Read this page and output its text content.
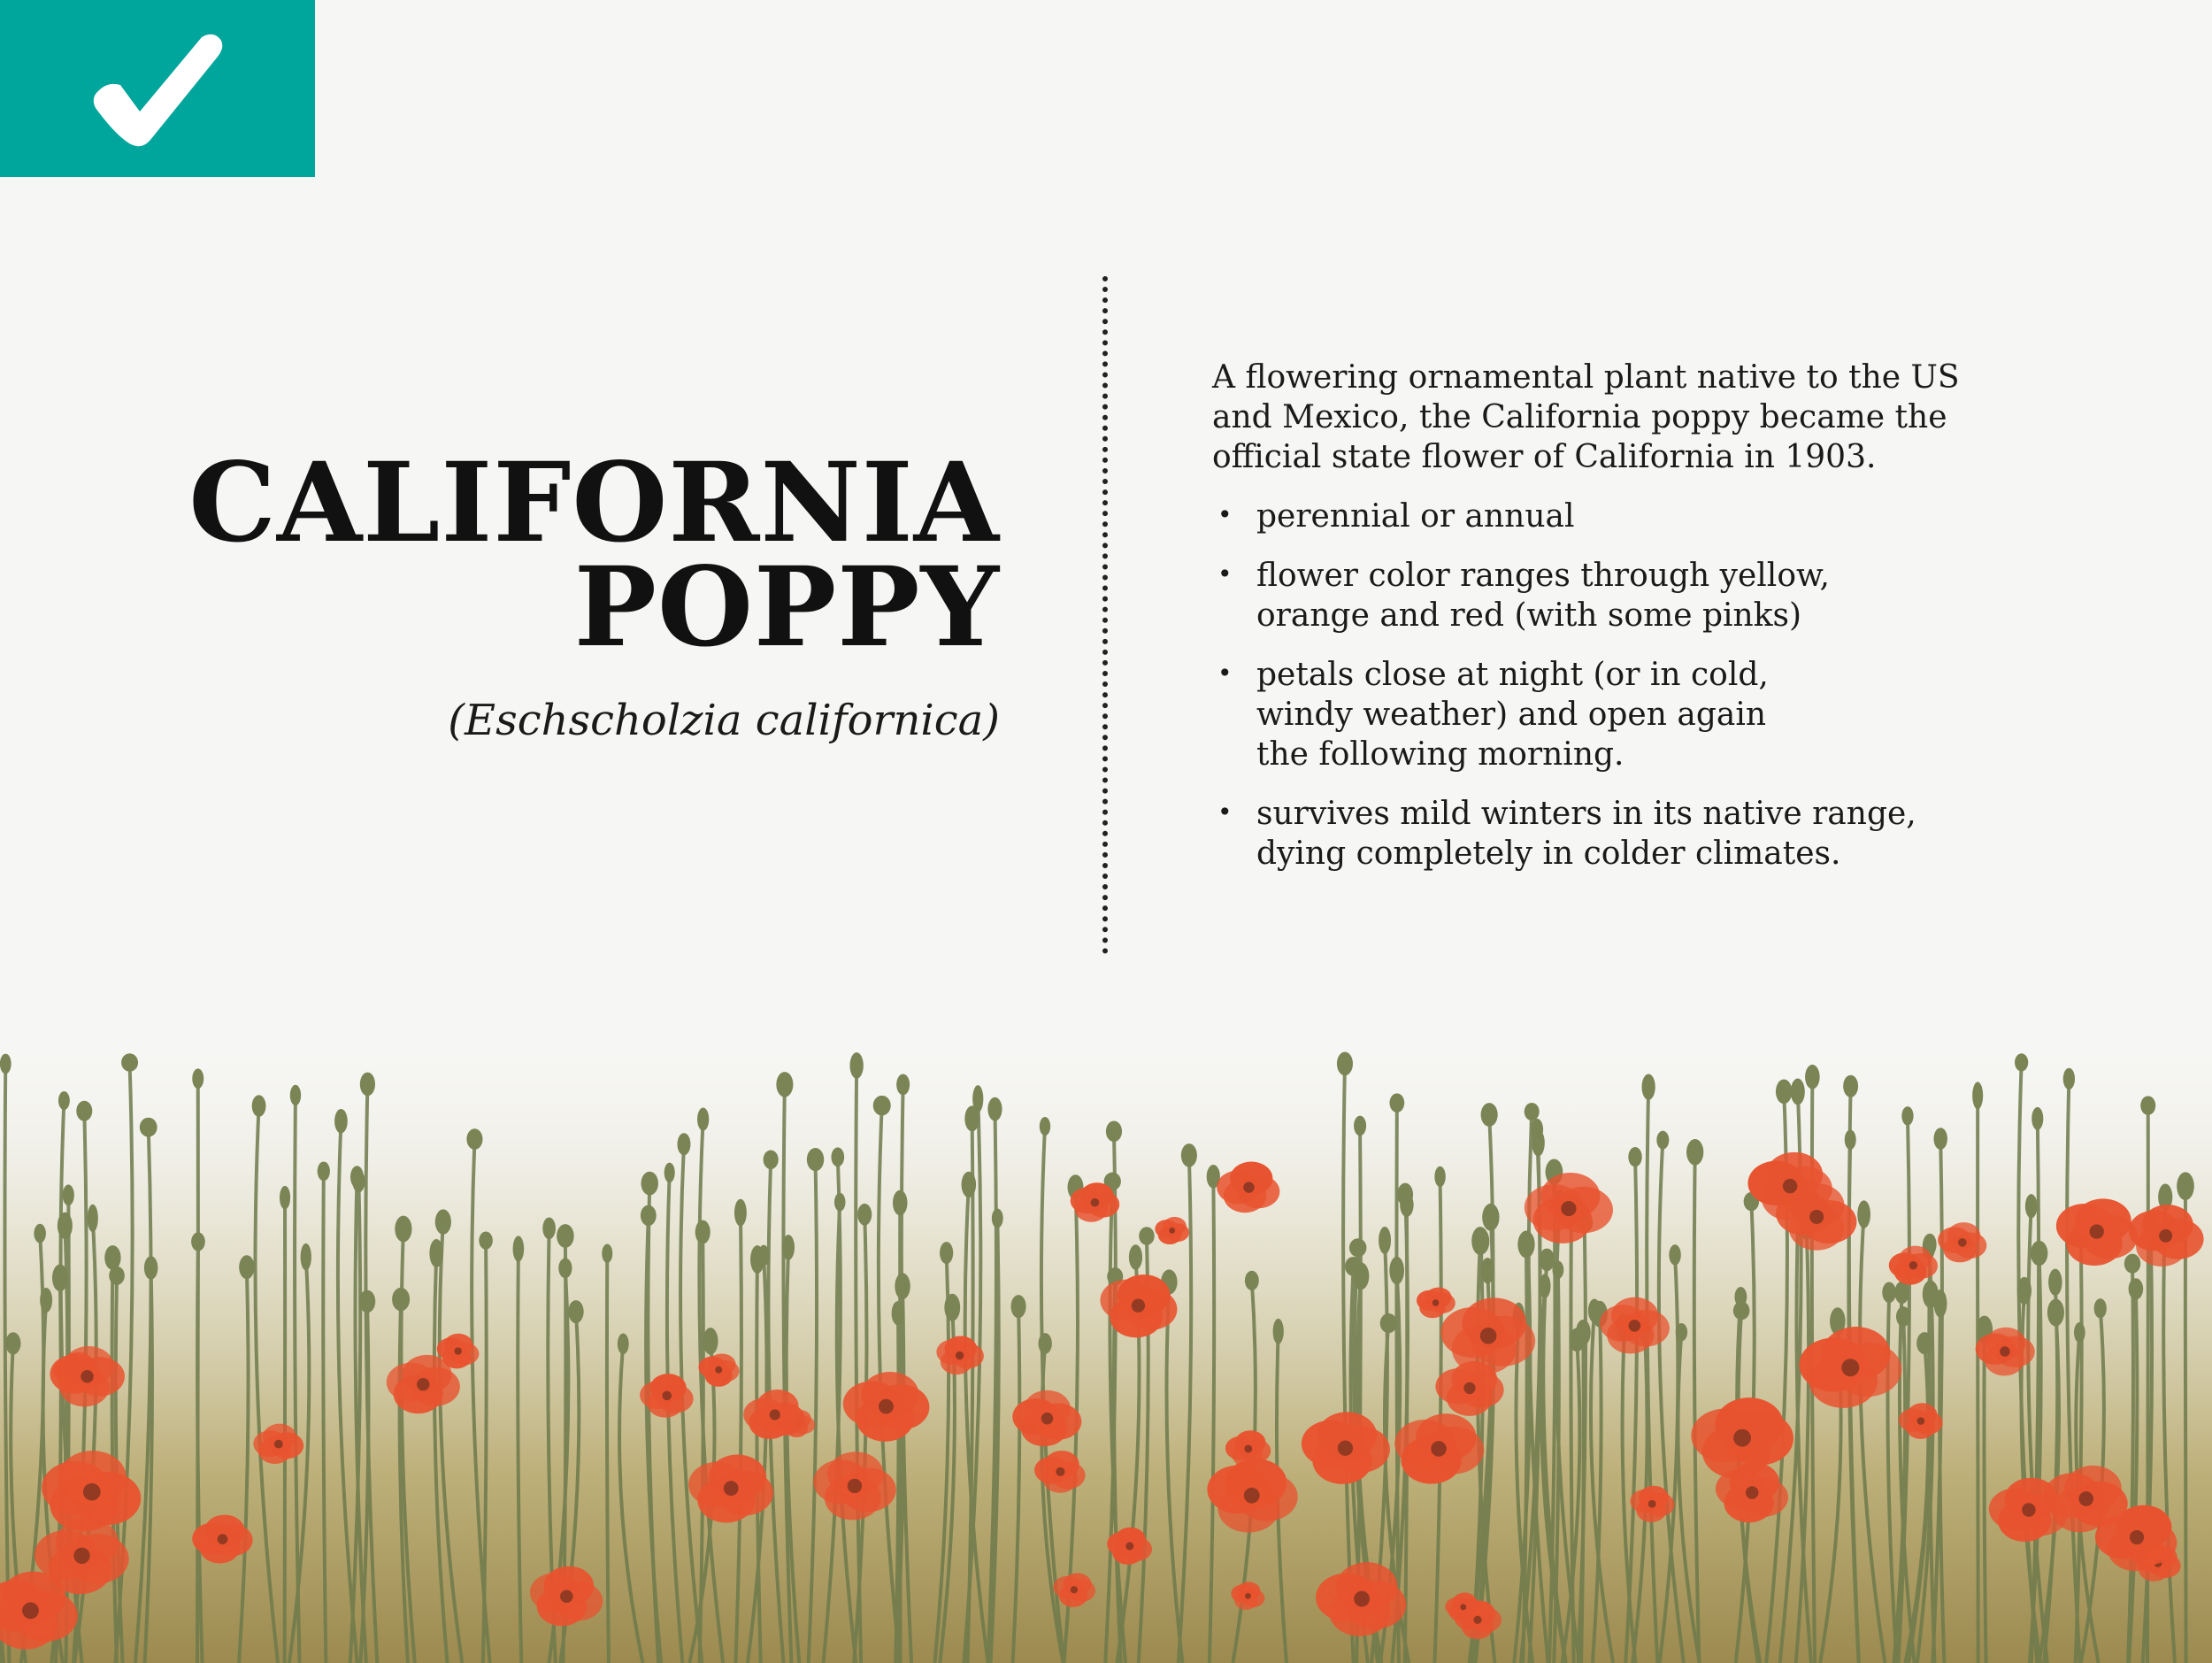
CALIFORNIA
POPPY
(Eschscholzia californica)

A flowering ornamental plant native to the US and Mexico, the California poppy became the official state flower of California in 1903.

• perennial or annual
• flower color ranges through yellow, orange and red (with some pinks)
• petals close at night (or in cold, windy weather) and open again the following morning.
• survives mild winters in its native range, dying completely in colder climates.
